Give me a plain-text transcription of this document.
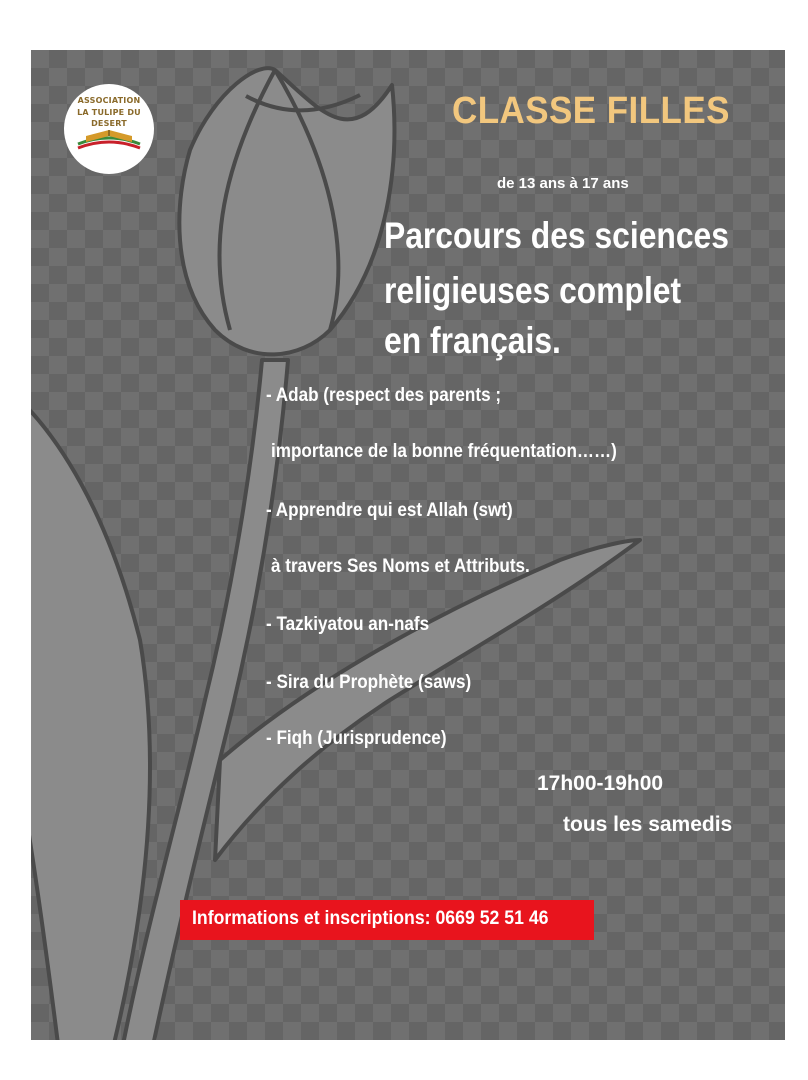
ASSOCIATION
LA TULIPE DU
DESERT	CLASSE FILLES

de 13 ans à 17 ans

Parcours des sciences

religieuses complet

en français.

- Adab (respect des parents ;

importance de la bonne fréquentation……)

- Apprendre qui est Allah (swt)

à travers Ses Noms et Attributs.

- Tazkiyatou an-nafs

- Sira du Prophète (saws)

- Fiqh (Jurisprudence)

17h00-19h00

tous les samedis

Informations et inscriptions: 0669 52 51 46
